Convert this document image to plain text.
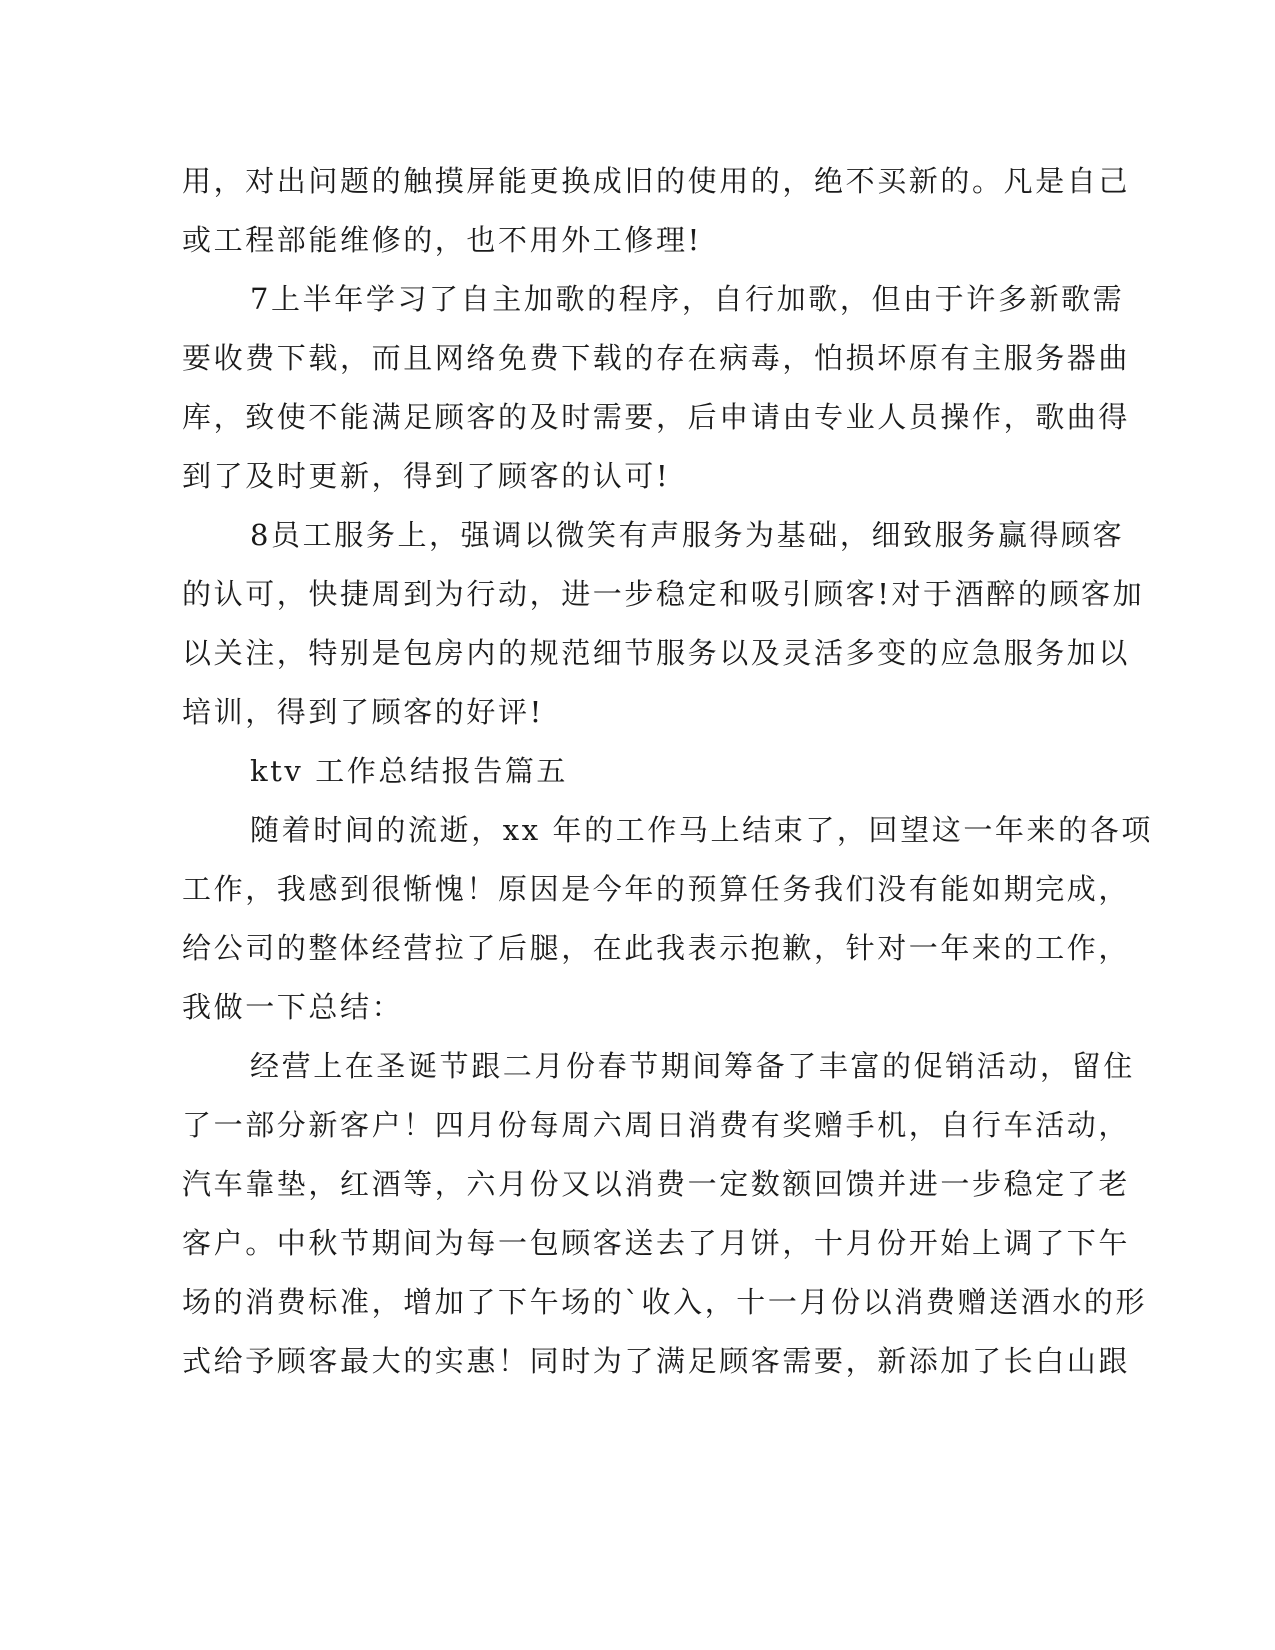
用，对出问题的触摸屏能更换成旧的使用的，绝不买新的。凡是自己
或工程部能维修的，也不用外工修理!
7上半年学习了自主加歌的程序，自行加歌，但由于许多新歌需
要收费下载，而且网络免费下载的存在病毒，怕损坏原有主服务器曲
库，致使不能满足顾客的及时需要，后申请由专业人员操作，歌曲得
到了及时更新，得到了顾客的认可!
8员工服务上，强调以微笑有声服务为基础，细致服务赢得顾客
的认可，快捷周到为行动，进一步稳定和吸引顾客!对于酒醉的顾客加
以关注，特别是包房内的规范细节服务以及灵活多变的应急服务加以
培训，得到了顾客的好评!
ktv 工作总结报告篇五
随着时间的流逝，xx 年的工作马上结束了，回望这一年来的各项
工作，我感到很惭愧！原因是今年的预算任务我们没有能如期完成，
给公司的整体经营拉了后腿，在此我表示抱歉，针对一年来的工作，
我做一下总结：
经营上在圣诞节跟二月份春节期间筹备了丰富的促销活动，留住
了一部分新客户！四月份每周六周日消费有奖赠手机，自行车活动，
汽车靠垫，红酒等，六月份又以消费一定数额回馈并进一步稳定了老
客户。中秋节期间为每一包顾客送去了月饼，十月份开始上调了下午
场的消费标准，增加了下午场的`收入，十一月份以消费赠送酒水的形
式给予顾客最大的实惠！同时为了满足顾客需要，新添加了长白山跟
